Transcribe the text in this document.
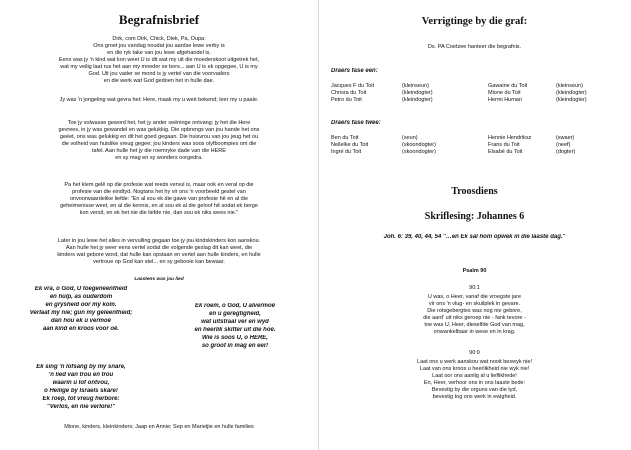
Begrafnisbrief
Dirk, com Dirk, Chick, Diek, Pa, Oupa:
Ons groet jou vandag noudat jou aardse lewe verby is
en die ryk take van jou lewe afgehandel is.
Eens was jy 'n kind wat kon weet U is dit wat my uit die moederskoot uitgetrek het,
wat my veilig laat rus het aan my moeder se bors... aan U is ek opgegee, U is my
God. Uit jou vader se mond is jy vertel van die voorvaders
en die werk wat God gedoen het in hulle dae.
Jy was 'n jongeling wat gevra het: Here, maak my u weë bekend; leer my u paaie.
Toe jy volwasse geword het, het jy ander seëninge ontvang; jy het die Here
gevrees, in jy was gewandel en was gelukkig. Die opbrengs van jou hande het ons
geëet, ons was gelukkig en dit het goed gegaan. Die huisvrou van jou jeug het ou
die volheid van huislike vreug gegee; jou kinders was soos olyfboompies om die
tafel. Aan hulle het jy die roemryke dade van die HERE
en sy mag en sy wonders oorgedra.
Pa het klem gelê op die profesie wat reeds vervul is, maar ook en veral op die
profesie van die eindtyd. Nogtans het hy vir ons 'n voorbeeld gestel van
onvoorwaardelike liefde: "En al sou ek die gawe van profesie hê en al die
geheimenisse weet, en al die kennis, en al sou ek al die geloof hê sodat ek berge
kon versit, en ek het nie die liefde nie, dan sou ek niks wees nie."
Later in jou lewe het alles in vervulling gegaan toe jy jou kindskinders kon aanskou.
Aan hulle het jy weer eens vertel sodat die volgende geslag dit kan weet, die
kinders wat gebore word, dat hulle kan opstaan en vertel aan hulle kinders, en hulle
vertroue op God kan stel... en sy gebooie kan bewaar.
Laastens was jou lied
Ek vra, o God, U toegeneentheid
en hulp, as ouderdom
en grysheid oor my kom.
Verlaat my nie; gun my geleentheid;
dan hou ek u vermoë
aan kind en kroos voor oë.
Ek roem, o God, U alvermoë
en u geregtigheid,
wat uitstraal ver en wyd
en heerlik skitter uit die hoë.
Wie is soos U, o HERE,
so groot in mag en eer!
Ek sing 'n lofsang by my snare,
'n lied van trou en trou
waarin u lof ontvou,
o Heilige by Israels skare!
Ek roep, tot vreug herbore:
"Verlos, en nie verlore!"
Mione, kinders, kleinkinders; Jaap en Annie; Sep en Marietjie en hulle families
Verrigtinge by die graf:
Ds. PA Coetzee hanteer die begrafnis.
Draers fase een:
Jacques F du Toit
Chrisra du Toit
Petro du Toit
(kleinseun)
(kleindogter)
(kleindogter)
Gawaine du Toit
Mione du Toit
Hermi Human
(kleinseun)
(kleindogter)
(kleindogter)
Draers fase twee:
Ben du Toit
Nellelke du Toit
Ingré du Toit
(seun)
(skoondogter)
(skoondogter)
Hennie Hendriksz
Frans du Toit
Elsabé du Toit
(swaer)
(neef)
(dogter)
Troosdiens
Skriflesing: Johannes 6
Joh. 6: 39, 40, 44, 54 "…en Ek sal hom opwek in die laaste dag."
Psalm 90
90:1
U was, o Heer, vanaf die vroegste jare
vir ons 'n vlug- en skuilplek in gevare.
Die rotsgebergtes was nog nie gebore,
die aard' uit niks geroep nie - fank tevore -
toe was U, Heer, dieselfde God van mag,
onwankelbaar in wese en in krag.
90:9
Laat ons u werk aanskou wat nooit beswyk nie!
Laat van ons kroos u heerlikheid nie wyk nie!
Laat oor ons aanlig al u lieflikhede!
En, Heer, verhoor ons in ons laaste bede:
Bevestig by die orguns van die tyd,
bevestig tog ons werk in ewigheid.
